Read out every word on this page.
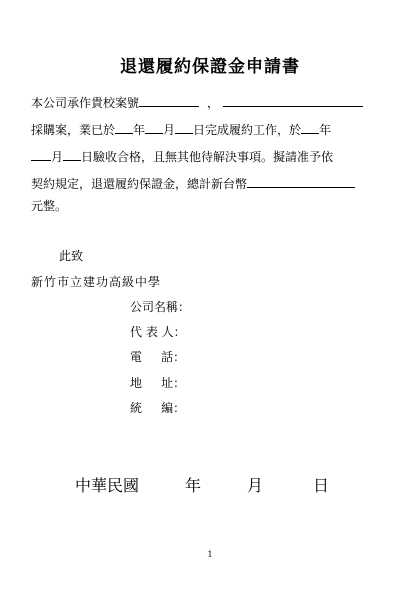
退還履約保證金申請書
本公司承作貴校案號	，
採購案，業已於 年 月 日完成履約工作，於 年
月 日驗收合格，且無其他待解決事項。擬請准予依
契約規定，退還履約保證金，總計新台幣
元整。
此致
新竹市立建功高級中學
公司名稱：
代 表 人：
電     話：
地     址：
統     編：
中華民國	年	月	日
1
